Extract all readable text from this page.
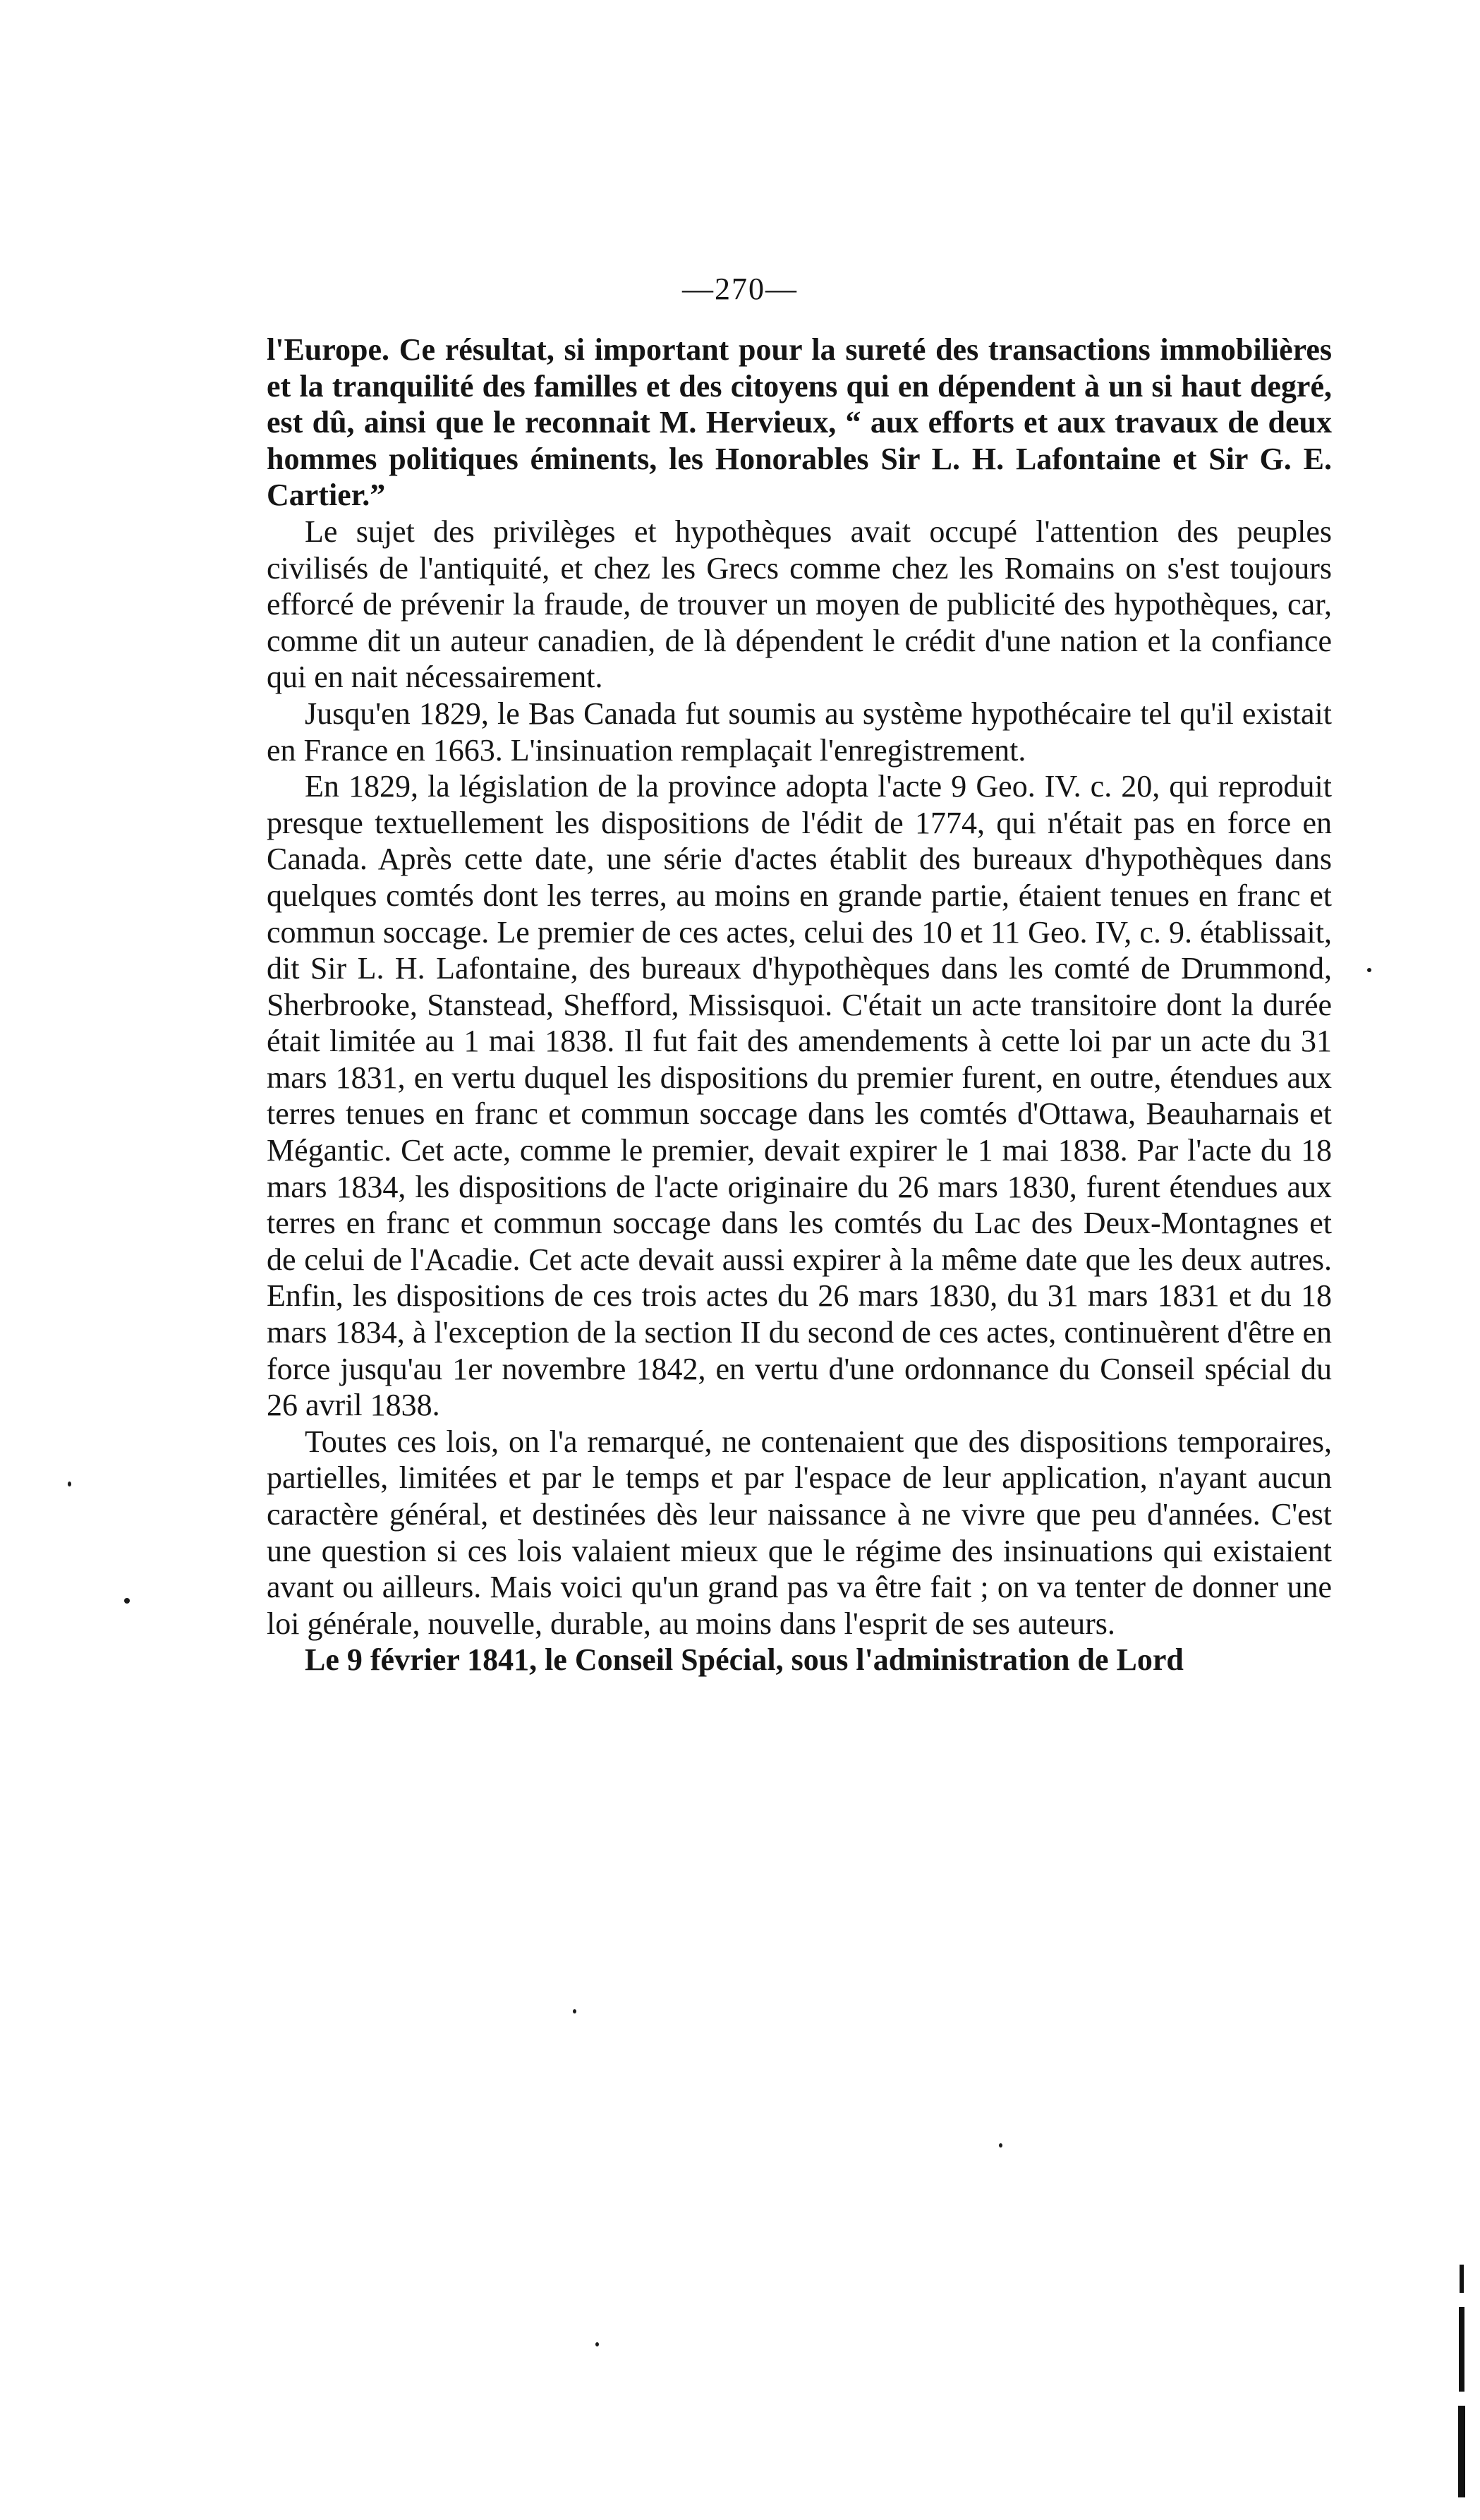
—270—

l'Europe. Ce résultat, si important pour la sureté des transactions immobilières et la tranquilité des familles et des citoyens qui en dépendent à un si haut degré, est dû, ainsi que le reconnait M. Hervieux, “ aux efforts et aux travaux de deux hommes politiques éminents, les Honorables Sir L. H. Lafontaine et Sir G. E. Cartier.”

Le sujet des privilèges et hypothèques avait occupé l'attention des peuples civilisés de l'antiquité, et chez les Grecs comme chez les Romains on s'est toujours efforcé de prévenir la fraude, de trouver un moyen de publicité des hypothèques, car, comme dit un auteur canadien, de là dépendent le crédit d'une nation et la confiance qui en nait nécessairement.

Jusqu'en 1829, le Bas Canada fut soumis au système hypothécaire tel qu'il existait en France en 1663. L'insinuation remplaçait l'enregistrement.

En 1829, la législation de la province adopta l'acte 9 Geo. IV. c. 20, qui reproduit presque textuellement les dispositions de l'édit de 1774, qui n'était pas en force en Canada. Après cette date, une série d'actes établit des bureaux d'hypothèques dans quelques comtés dont les terres, au moins en grande partie, étaient tenues en franc et commun soccage. Le premier de ces actes, celui des 10 et 11 Geo. IV, c. 9. établissait, dit Sir L. H. Lafontaine, des bureaux d'hypothèques dans les comté de Drummond, Sherbrooke, Stanstead, Shefford, Missisquoi. C'était un acte transitoire dont la durée était limitée au 1 mai 1838. Il fut fait des amendements à cette loi par un acte du 31 mars 1831, en vertu duquel les dispositions du premier furent, en outre, étendues aux terres tenues en franc et commun soccage dans les comtés d'Ottawa, Beauharnais et Mégantic. Cet acte, comme le premier, devait expirer le 1 mai 1838. Par l'acte du 18 mars 1834, les dispositions de l'acte originaire du 26 mars 1830, furent étendues aux terres en franc et commun soccage dans les comtés du Lac des Deux-Montagnes et de celui de l'Acadie. Cet acte devait aussi expirer à la même date que les deux autres. Enfin, les dispositions de ces trois actes du 26 mars 1830, du 31 mars 1831 et du 18 mars 1834, à l'exception de la section II du second de ces actes, continuèrent d'être en force jusqu'au 1er novembre 1842, en vertu d'une ordonnance du Conseil spécial du 26 avril 1838.

Toutes ces lois, on l'a remarqué, ne contenaient que des dispositions temporaires, partielles, limitées et par le temps et par l'espace de leur application, n'ayant aucun caractère général, et destinées dès leur naissance à ne vivre que peu d'années. C'est une question si ces lois valaient mieux que le régime des insinuations qui existaient avant ou ailleurs. Mais voici qu'un grand pas va être fait ; on va tenter de donner une loi générale, nouvelle, durable, au moins dans l'esprit de ses auteurs.

Le 9 février 1841, le Conseil Spécial, sous l'administration de Lord
